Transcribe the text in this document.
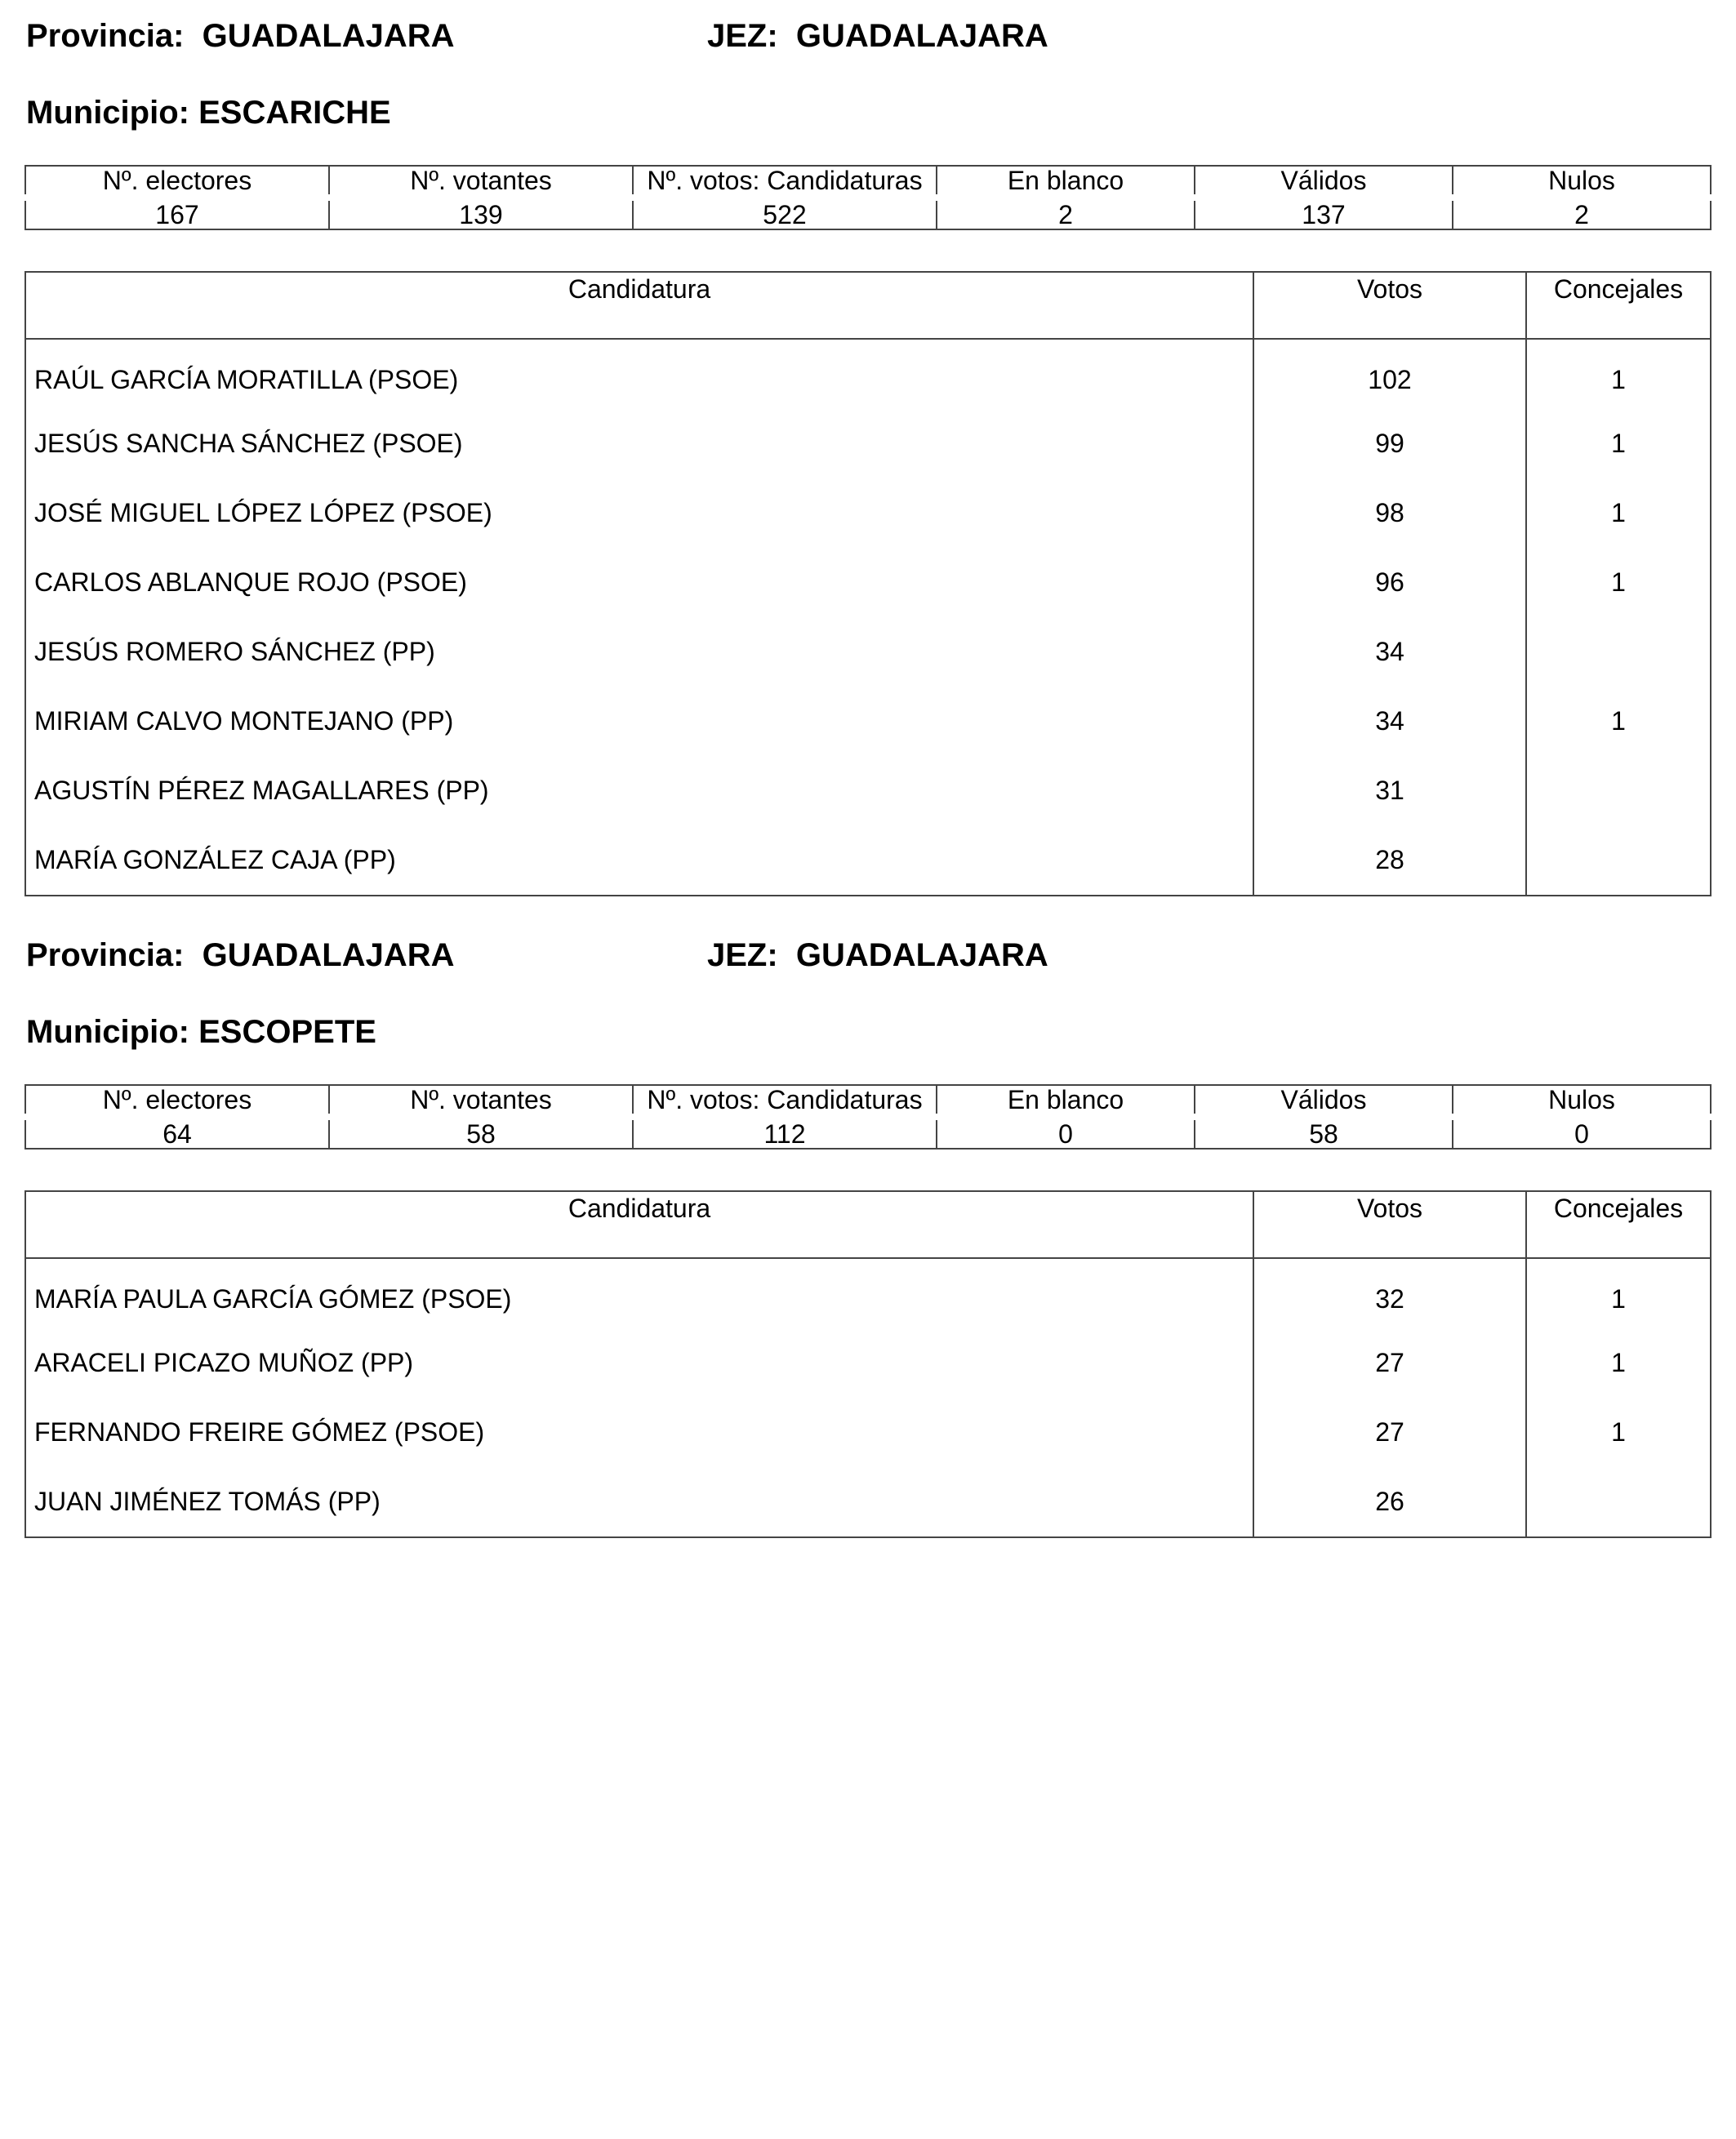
Provincia: GUADALAJARA	JEZ: GUADALAJARA
Municipio: ESCARICHE
Nº. electores	Nº. votantes	Nº. votos: Candidaturas	En blanco	Válidos	Nulos
167	139	522	2	137	2
Candidatura	Votos	Concejales
RAÚL GARCÍA MORATILLA (PSOE)	102	1
JESÚS SANCHA SÁNCHEZ (PSOE)	99	1
JOSÉ MIGUEL LÓPEZ LÓPEZ (PSOE)	98	1
CARLOS ABLANQUE ROJO (PSOE)	96	1
JESÚS ROMERO SÁNCHEZ (PP)	34	
MIRIAM CALVO MONTEJANO (PP)	34	1
AGUSTÍN PÉREZ MAGALLARES (PP)	31	
MARÍA GONZÁLEZ CAJA (PP)	28	
Provincia: GUADALAJARA	JEZ: GUADALAJARA
Municipio: ESCOPETE
Nº. electores	Nº. votantes	Nº. votos: Candidaturas	En blanco	Válidos	Nulos
64	58	112	0	58	0
Candidatura	Votos	Concejales
MARÍA PAULA GARCÍA GÓMEZ (PSOE)	32	1
ARACELI PICAZO MUÑOZ (PP)	27	1
FERNANDO FREIRE GÓMEZ (PSOE)	27	1
JUAN JIMÉNEZ TOMÁS (PP)	26	
